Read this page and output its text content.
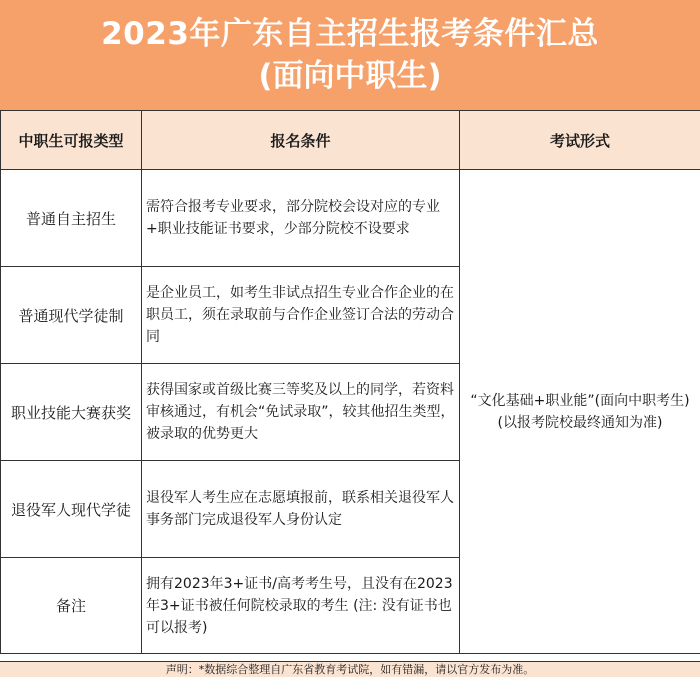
2023年广东自主招生报考条件汇总
(面向中职生)
中职生可报类型	报名条件	考试形式
普通自主招生	需符合报考专业要求，部分院校会设对应的专业+职业技能证书要求，少部分院校不设要求	“文化基础+职业能”(面向中职考生)
(以报考院校最终通知为准)

普通现代学徒制	是企业员工，如考生非试点招生专业合作企业的在职员工，须在录取前与合作企业签订合法的劳动合同	
职业技能大赛获奖	获得国家或首级比赛三等奖及以上的同学，若资料审核通过，有机会“免试录取”，较其他招生类型，被录取的优势更大	
退役军人现代学徒	退役军人考生应在志愿填报前，联系相关退役军人事务部门完成退役军人身份认定	
备注	拥有2023年3+证书/高考考生号，且没有在2023年3+证书被任何院校录取的考生 (注: 没有证书也可以报考)	
声明：*数据综合整理自广东省教育考试院，如有错漏，请以官方发布为准。
